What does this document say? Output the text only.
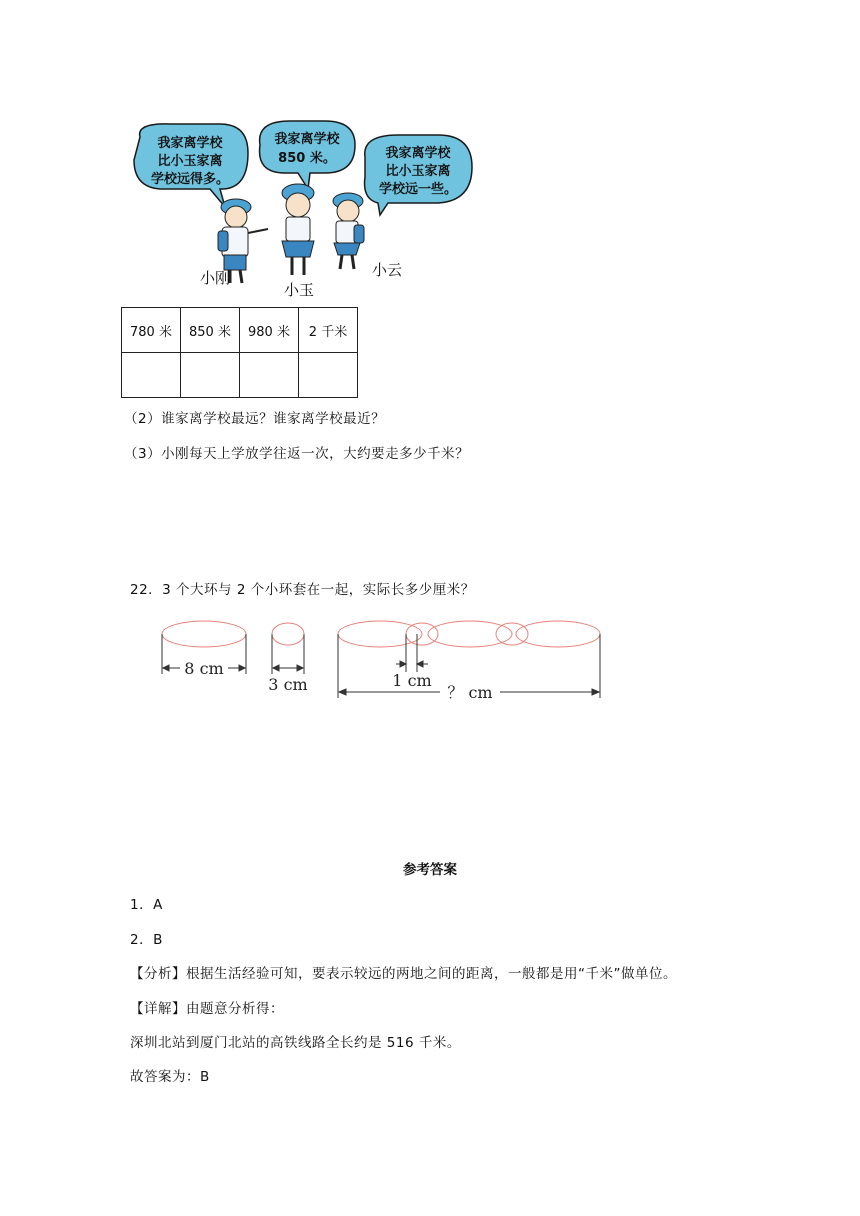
我家离学校
比小玉家离
学校远得多。
我家离学校
850 米。	我家离学校
比小玉家离
学校远一些。
小刚
小玉
小云
780 米	850 米	980 米	2 千米

（2）谁家离学校最远？谁家离学校最近？
（3）小刚每天上学放学往返一次，大约要走多少千米？
22．3 个大环与 2 个小环套在一起，实际长多少厘米？
8 cm
3 cm	1 cm
？ cm
参考答案
1．A
2．B
【分析】根据生活经验可知，要表示较远的两地之间的距离，一般都是用“千米”做单位。
【详解】由题意分析得：
深圳北站到厦门北站的高铁线路全长约是 516 千米。
故答案为：B
